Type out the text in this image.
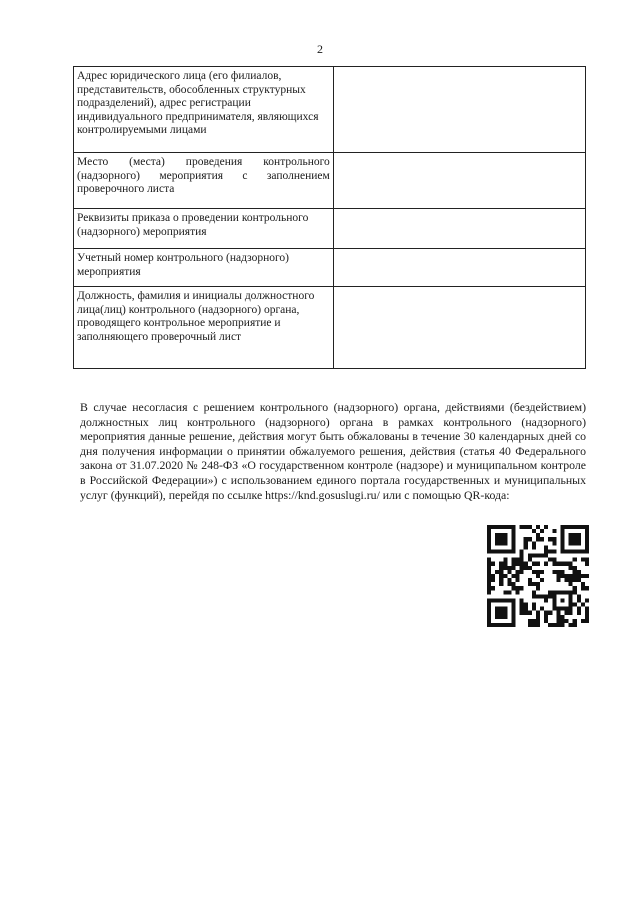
2
Адрес юридического лица (его филиалов, представительств, обособленных структурных подразделений), адрес регистрации индивидуального предпринимателя, являющихся контролируемыми лицами	
Место (места) проведения контрольного (надзорного) мероприятия с заполнением проверочного листа	
Реквизиты приказа о проведении контрольного (надзорного) мероприятия	
Учетный номер контрольного (надзорного) мероприятия	
Должность, фамилия и инициалы должностного лица(лиц) контрольного (надзорного) органа, проводящего контрольное мероприятие и заполняющего проверочный лист	
В случае несогласия с решением контрольного (надзорного) органа, действиями (бездействием) должностных лиц контрольного (надзорного) органа в рамках контрольного (надзорного) мероприятия данные решение, действия могут быть обжалованы в течение 30 календарных дней со дня получения информации о принятии обжалуемого решения, действия (статья 40 Федерального закона от 31.07.2020 № 248-ФЗ «О государственном контроле (надзоре) и муниципальном контроле в Российской Федерации») с использованием единого портала государственных и муниципальных услуг (функций), перейдя по ссылке https://knd.gosuslugi.ru/ или с помощью QR-кода:
